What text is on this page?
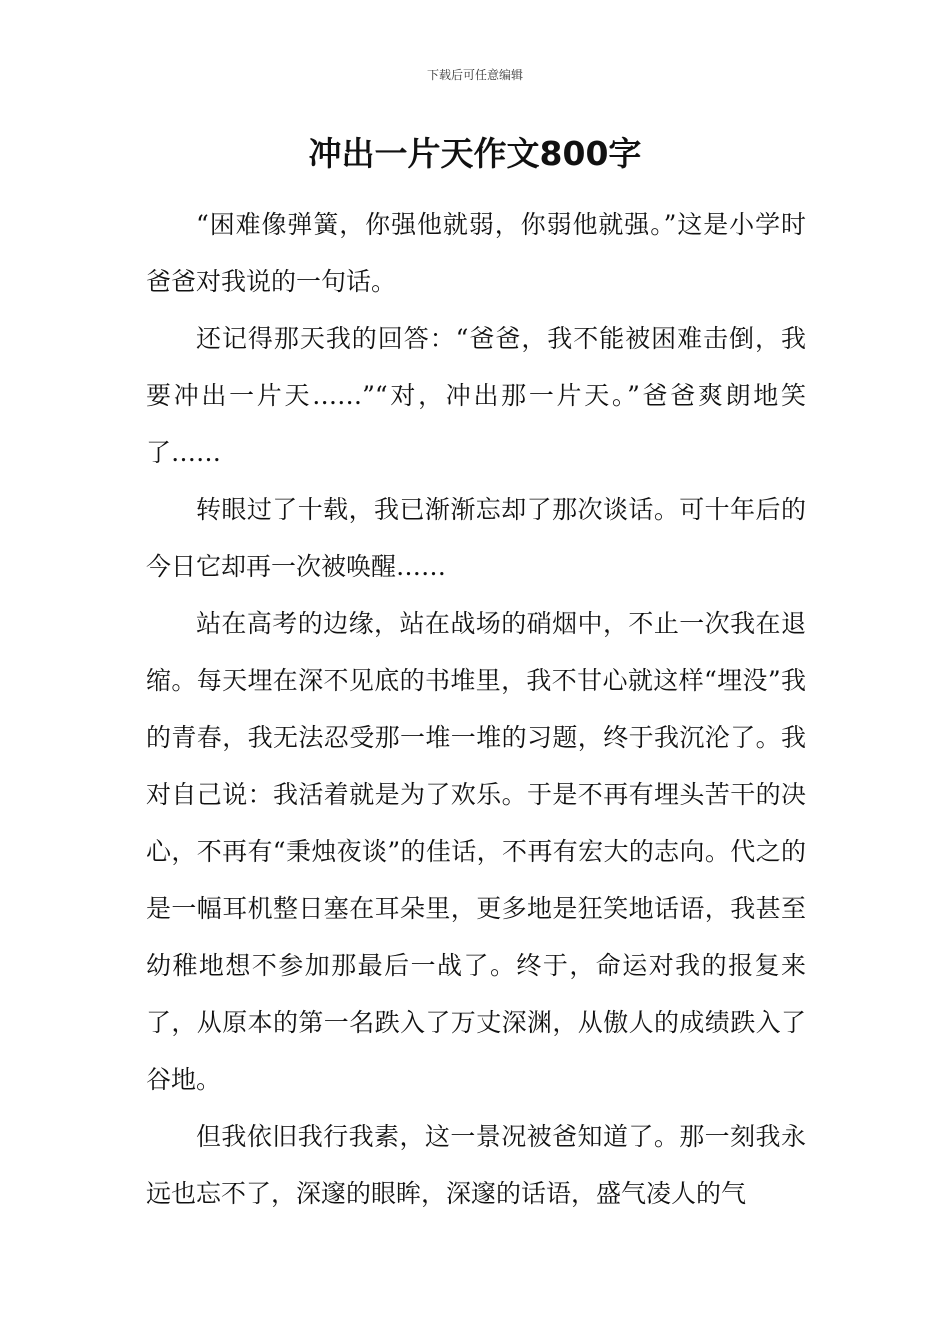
下载后可任意编辑
冲出一片天作文800字

“困难像弹簧，你强他就弱，你弱他就强。”这是小学时爸爸对我说的一句话。

还记得那天我的回答：“爸爸，我不能被困难击倒，我要冲出一片天……”“对，冲出那一片天。”爸爸爽朗地笑了……

转眼过了十载，我已渐渐忘却了那次谈话。可十年后的今日它却再一次被唤醒……

站在高考的边缘，站在战场的硝烟中，不止一次我在退缩。每天埋在深不见底的书堆里，我不甘心就这样“埋没”我的青春，我无法忍受那一堆一堆的习题，终于我沉沦了。我对自己说：我活着就是为了欢乐。于是不再有埋头苦干的决心，不再有“秉烛夜谈”的佳话，不再有宏大的志向。代之的是一幅耳机整日塞在耳朵里，更多地是狂笑地话语，我甚至幼稚地想不参加那最后一战了。终于，命运对我的报复来了，从原本的第一名跌入了万丈深渊，从傲人的成绩跌入了谷地。

但我依旧我行我素，这一景况被爸知道了。那一刻我永远也忘不了，深邃的眼眸，深邃的话语，盛气凌人的气
